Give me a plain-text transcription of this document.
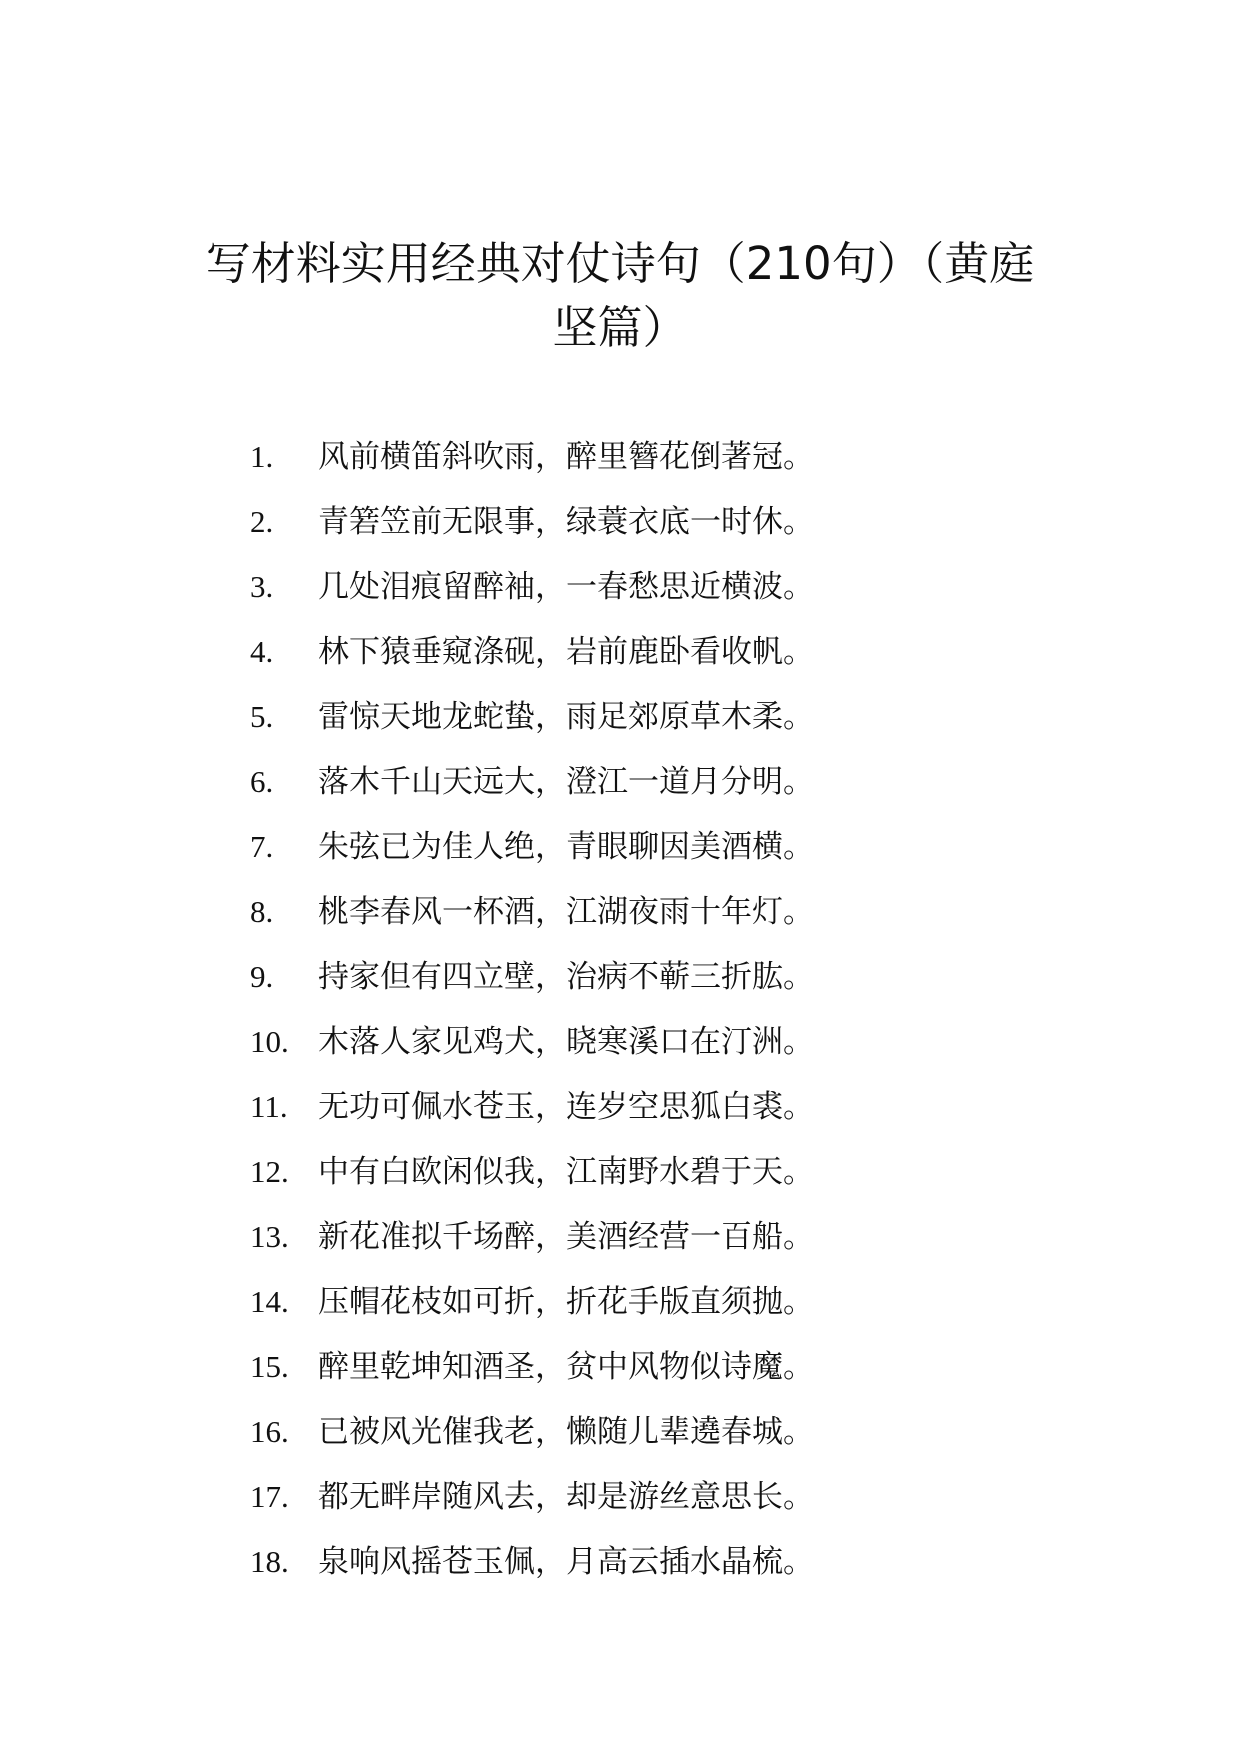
写材料实用经典对仗诗句（210句）（黄庭
坚篇）
1.	风前横笛斜吹雨，醉里簪花倒著冠。
2.	青箬笠前无限事，绿蓑衣底一时休。
3.	几处泪痕留醉袖，一春愁思近横波。
4.	林下猿垂窥涤砚，岩前鹿卧看收帆。
5.	雷惊天地龙蛇蛰，雨足郊原草木柔。
6.	落木千山天远大，澄江一道月分明。
7.	朱弦已为佳人绝，青眼聊因美酒横。
8.	桃李春风一杯酒，江湖夜雨十年灯。
9.	持家但有四立壁，治病不蕲三折肱。
10. 木落人家见鸡犬，晓寒溪口在汀洲。
11. 无功可佩水苍玉，连岁空思狐白裘。
12. 中有白欧闲似我，江南野水碧于天。
13. 新花准拟千场醉，美酒经营一百船。
14. 压帽花枝如可折，折花手版直须抛。
15. 醉里乾坤知酒圣，贫中风物似诗魔。
16. 已被风光催我老，懒随儿辈遶春城。
17. 都无畔岸随风去，却是游丝意思长。
18. 泉响风摇苍玉佩，月高云插水晶梳。
